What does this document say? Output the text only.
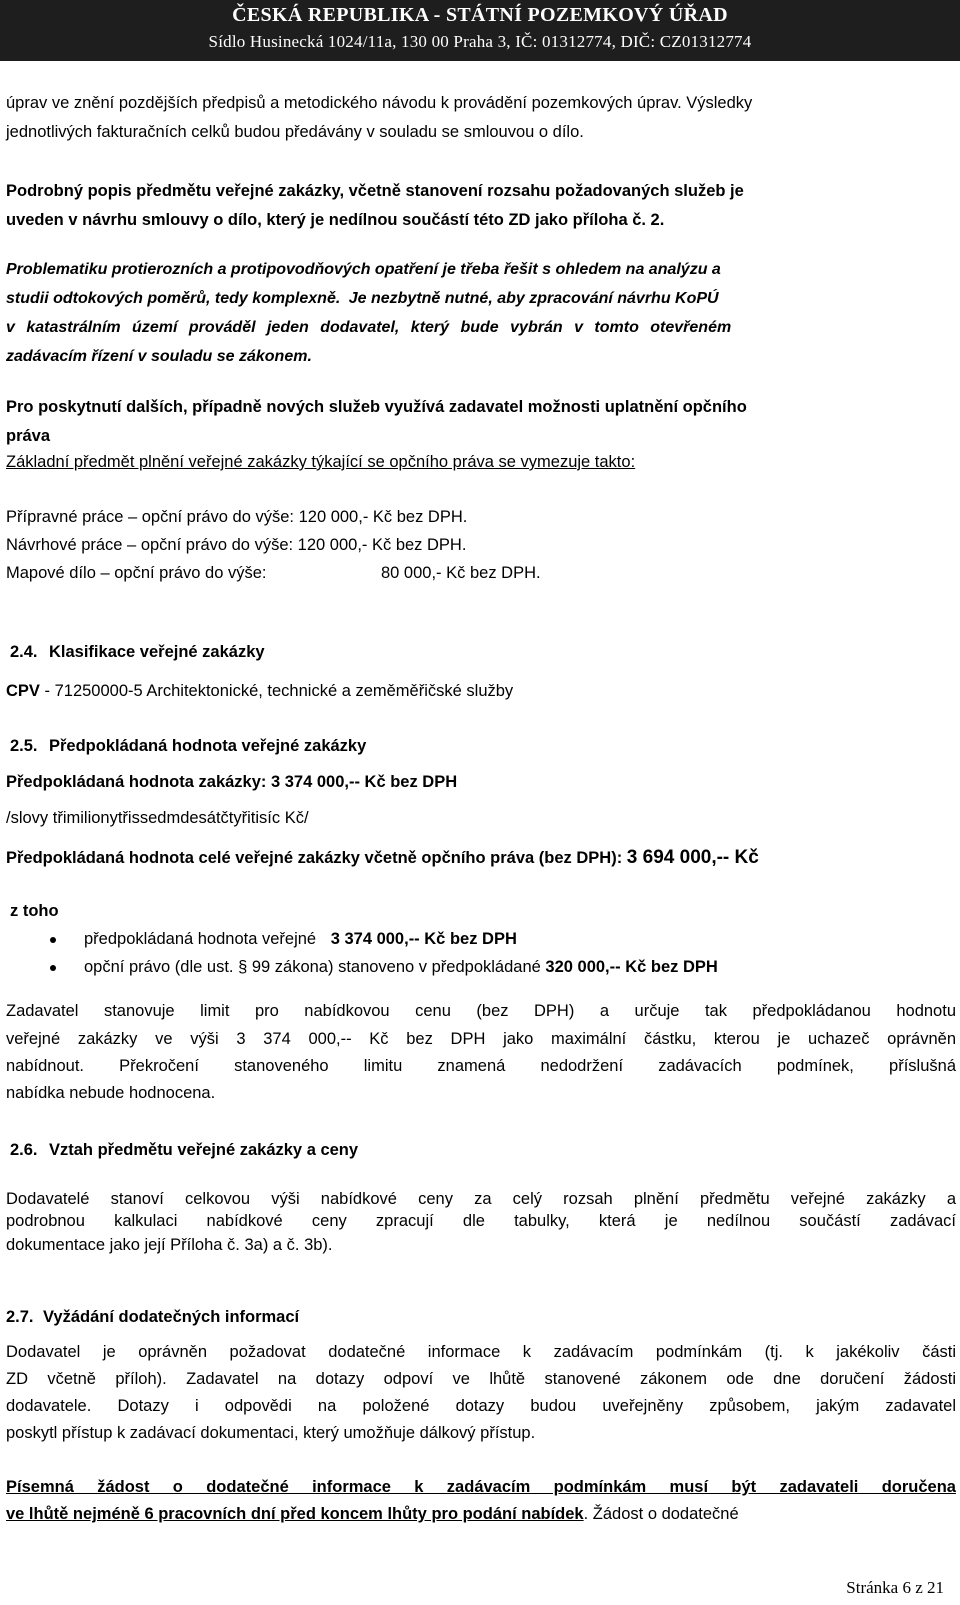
ČESKÁ REPUBLIKA - STÁTNÍ POZEMKOVÝ ÚŘAD
Sídlo Husinecká 1024/11a, 130 00 Praha 3, IČ: 01312774, DIČ: CZ01312774
úprav ve znění pozdějších předpisů a metodického návodu k provádění pozemkových úprav. Výsledky
jednotlivých fakturačních celků budou předávány v souladu se smlouvou o dílo.
Podrobný popis předmětu veřejné zakázky, včetně stanovení rozsahu požadovaných služeb je
uveden v návrhu smlouvy o dílo, který je nedílnou součástí této ZD jako příloha č. 2.
Problematiku protierozních a protipovodňových opatření je třeba řešit s ohledem na analýzu a
studii odtokových poměrů, tedy komplexně. Je nezbytně nutné, aby zpracování návrhu KoPÚ
v katastrálním území prováděl jeden dodavatel, který bude vybrán v tomto otevřeném
zadávacím řízení v souladu se zákonem.
Pro poskytnutí dalších, případně nových služeb využívá zadavatel možnosti uplatnění opčního
práva
Základní předmět plnění veřejné zakázky týkající se opčního práva se vymezuje takto:
Přípravné práce – opční právo do výše: 120 000,- Kč bez DPH.
Návrhové práce – opční právo do výše: 120 000,- Kč bez DPH.
Mapové dílo – opční právo do výše:	80 000,- Kč bez DPH.
2.4. Klasifikace veřejné zakázky
CPV - 71250000-5 Architektonické, technické a zeměměřičské služby
2.5. Předpokládaná hodnota veřejné zakázky
Předpokládaná hodnota zakázky: 3 374 000,-- Kč bez DPH
/slovy třimilionytřissedmdesátčtyřitisíc Kč/
Předpokládaná hodnota celé veřejné zakázky včetně opčního práva (bez DPH): 3 694 000,-- Kč
z toho
předpokládaná hodnota veřejné 3 374 000,-- Kč bez DPH
opční právo (dle ust. § 99 zákona) stanoveno v předpokládané 320 000,-- Kč bez DPH
Zadavatel stanovuje limit pro nabídkovou cenu (bez DPH) a určuje tak předpokládanou hodnotu
veřejné zakázky ve výši 3 374 000,-- Kč bez DPH jako maximální částku, kterou je uchazeč oprávněn
nabídnout. Překročení stanoveného limitu znamená nedodržení zadávacích podmínek, příslušná
nabídka nebude hodnocena.
2.6. Vztah předmětu veřejné zakázky a ceny
Dodavatelé stanoví celkovou výši nabídkové ceny za celý rozsah plnění předmětu veřejné zakázky a
podrobnou kalkulaci nabídkové ceny zpracují dle tabulky, která je nedílnou součástí zadávací
dokumentace jako její Příloha č. 3a) a č. 3b).
2.7. Vyžádání dodatečných informací
Dodavatel je oprávněn požadovat dodatečné informace k zadávacím podmínkám (tj. k jakékoliv části
ZD včetně příloh). Zadavatel na dotazy odpoví ve lhůtě stanovené zákonem ode dne doručení žádosti
dodavatele. Dotazy i odpovědi na položené dotazy budou uveřejněny způsobem, jakým zadavatel
poskytl přístup k zadávací dokumentaci, který umožňuje dálkový přístup.
Písemná žádost o dodatečné informace k zadávacím podmínkám musí být zadavateli doručena
ve lhůtě nejméně 6 pracovních dní před koncem lhůty pro podání nabídek. Žádost o dodatečné
Stránka 6 z 21
